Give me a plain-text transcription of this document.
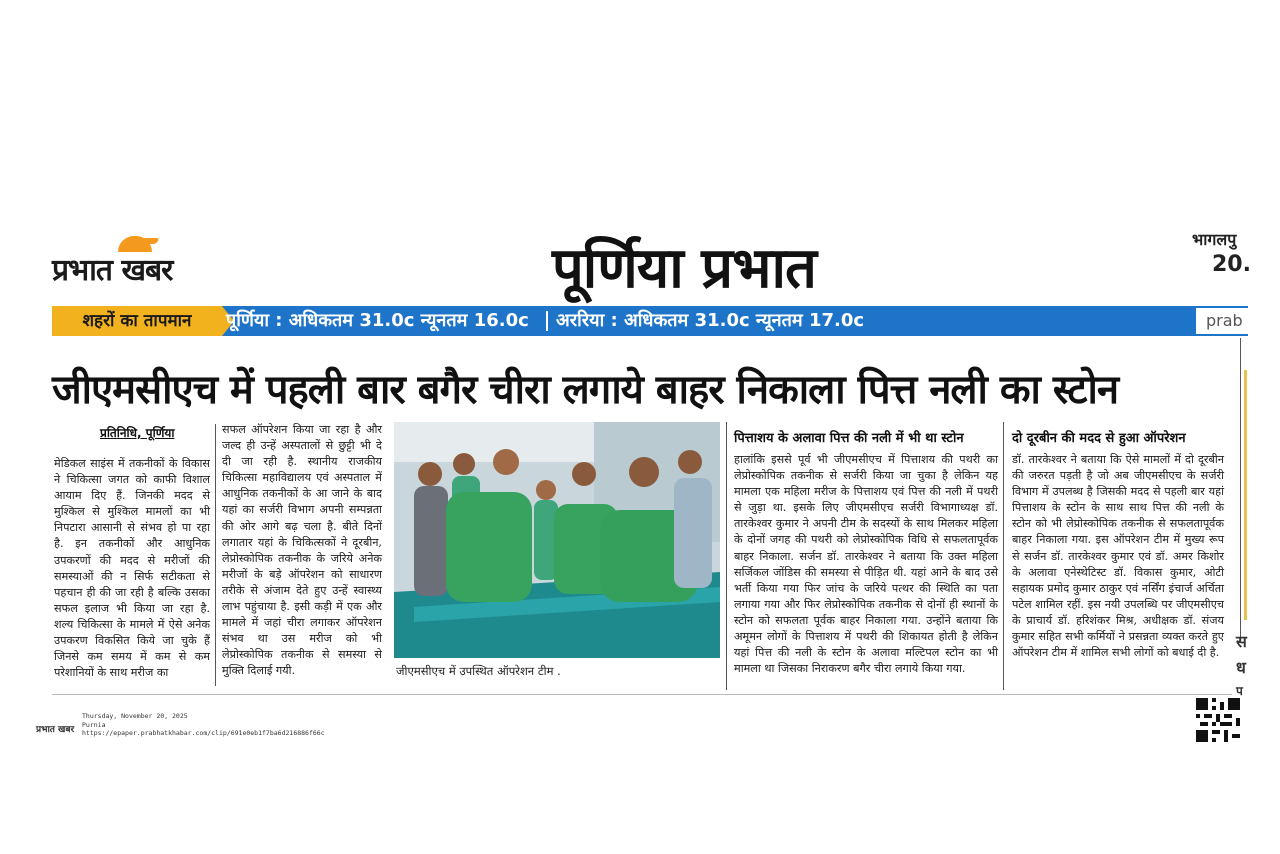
प्रभात खबर	पूर्णिया प्रभात	भागलपु
20.
शहरों का तापमान	पूर्णिया : अधिकतम 31.0c न्यूनतम 16.0c अररिया : अधिकतम 31.0c न्यूनतम 17.0c	prab
जीएमसीएच में पहली बार बगैर चीरा लगाये बाहर निकाला पित्त नली का स्टोन
प्रतिनिधि, पूर्णिया
मेडिकल साइंस में तकनीकों के विकास ने चिकित्सा जगत को काफी विशाल आयाम दिए हैं. जिनकी मदद से मुश्किल से मुश्किल मामलों का भी निपटारा आसानी से संभव हो पा रहा है. इन तकनीकों और आधुनिक उपकरणों की मदद से मरीजों की समस्याओं की न सिर्फ सटीकता से पहचान ही की जा रही है बल्कि उसका सफल इलाज भी किया जा रहा है. शल्य चिकित्सा के मामले में ऐसे अनेक उपकरण विकसित किये जा चुके हैं जिनसे कम समय में कम से कम परेशानियों के साथ मरीज का
सफल ऑपरेशन किया जा रहा है और जल्द ही उन्हें अस्पतालों से छुट्टी भी दे दी जा रही है. स्थानीय राजकीय चिकित्सा महाविद्यालय एवं अस्पताल में आधुनिक तकनीकों के आ जाने के बाद यहां का सर्जरी विभाग अपनी सम्पन्नता की ओर आगे बढ़ चला है. बीते दिनों लगातार यहां के चिकित्सकों ने दूरबीन, लेप्रोस्कोपिक तकनीक के जरिये अनेक मरीजों के बड़े ऑपरेशन को साधारण तरीके से अंजाम देते हुए उन्हें स्वास्थ्य लाभ पहुंचाया है. इसी कड़ी में एक और मामले में जहां चीरा लगाकर ऑपरेशन संभव था उस मरीज को भी लेप्रोस्कोपिक तकनीक से समस्या से मुक्ति दिलाई गयी.	जीएमसीएच में उपस्थित ऑपरेशन टीम .
पित्ताशय के अलावा पित्त की नली में भी था स्टोन
हालांकि इससे पूर्व भी जीएमसीएच में पित्ताशय की पथरी का लेप्रोस्कोपिक तकनीक से सर्जरी किया जा चुका है लेकिन यह मामला एक महिला मरीज के पित्ताशय एवं पित्त की नली में पथरी से जुड़ा था. इसके लिए जीएमसीएच सर्जरी विभागाध्यक्ष डॉ. तारकेश्वर कुमार ने अपनी टीम के सदस्यों के साथ मिलकर महिला के दोनों जगह की पथरी को लेप्रोस्कोपिक विधि से सफलतापूर्वक बाहर निकाला. सर्जन डॉ. तारकेश्वर ने बताया कि उक्त महिला सर्जिकल जोंडिस की समस्या से पीड़ित थी. यहां आने के बाद उसे भर्ती किया गया फिर जांच के जरिये पत्थर की स्थिति का पता लगाया गया और फिर लेप्रोस्कोपिक तकनीक से दोनों ही स्थानों के स्टोन को सफलता पूर्वक बाहर निकाला गया. उन्होंने बताया कि अमूमन लोगों के पित्ताशय में पथरी की शिकायत होती है लेकिन यहां पित्त की नली के स्टोन के अलावा मल्टिपल स्टोन का भी मामला था जिसका निराकरण बगैर चीरा लगाये किया गया.
दो दूरबीन की मदद से हुआ ऑपरेशन
डॉ. तारकेश्वर ने बताया कि ऐसे मामलों में दो दूरबीन की जरुरत पड़ती है जो अब जीएमसीएच के सर्जरी विभाग में उपलब्ध है जिसकी मदद से पहली बार यहां पित्ताशय के स्टोन के साथ साथ पित्त की नली के स्टोन को भी लेप्रोस्कोपिक तकनीक से सफलतापूर्वक बाहर निकाला गया. इस ऑपरेशन टीम में मुख्य रूप से सर्जन डॉ. तारकेश्वर कुमार एवं डॉ. अमर किशोर के अलावा एनेस्थेटिस्ट डॉ. विकास कुमार, ओटी सहायक प्रमोद कुमार ठाकुर एवं नर्सिंग इंचार्ज अर्चिता पटेल शामिल रहीं. इस नयी उपलब्धि पर जीएमसीएच के प्राचार्य डॉ. हरिशंकर मिश्र, अधीक्षक डॉ. संजय कुमार सहित सभी कर्मियों ने प्रसन्नता व्यक्त करते हुए ऑपरेशन टीम में शामिल सभी लोगों को बधाई दी है.
स
ध
प
प्रभात खबर
Thursday, November 20, 2025
Purnia
https://epaper.prabhatkhabar.com/clip/691e0eb1f7ba6d216886f66c
